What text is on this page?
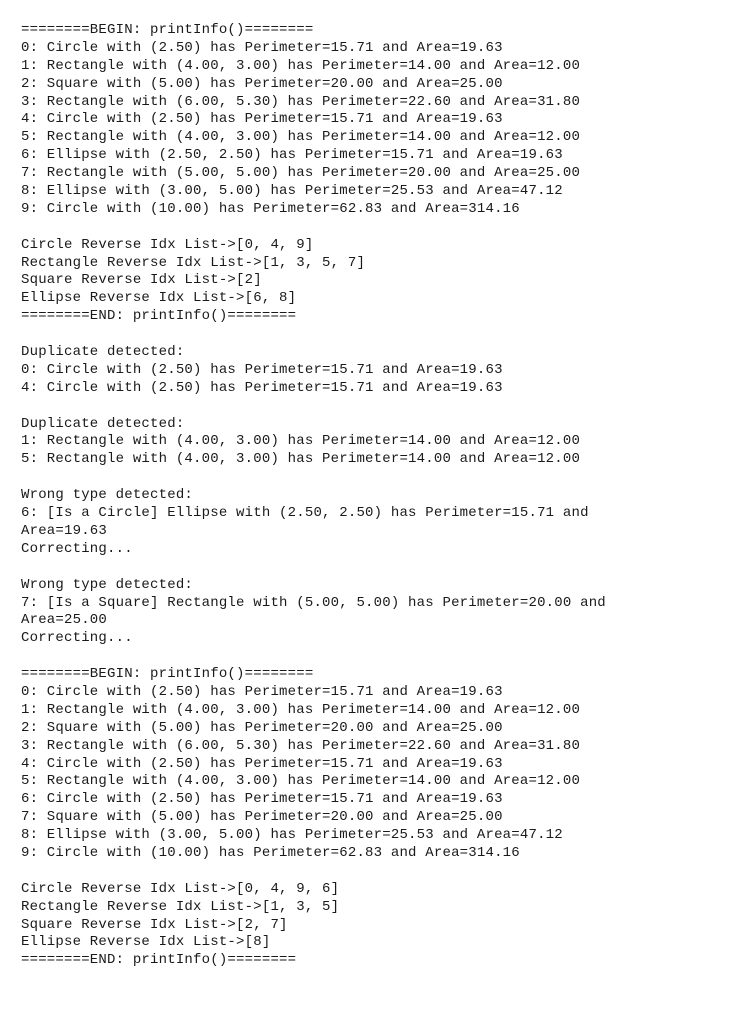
========BEGIN: printInfo()========
0: Circle with (2.50) has Perimeter=15.71 and Area=19.63
1: Rectangle with (4.00, 3.00) has Perimeter=14.00 and Area=12.00
2: Square with (5.00) has Perimeter=20.00 and Area=25.00
3: Rectangle with (6.00, 5.30) has Perimeter=22.60 and Area=31.80
4: Circle with (2.50) has Perimeter=15.71 and Area=19.63
5: Rectangle with (4.00, 3.00) has Perimeter=14.00 and Area=12.00
6: Ellipse with (2.50, 2.50) has Perimeter=15.71 and Area=19.63
7: Rectangle with (5.00, 5.00) has Perimeter=20.00 and Area=25.00
8: Ellipse with (3.00, 5.00) has Perimeter=25.53 and Area=47.12
9: Circle with (10.00) has Perimeter=62.83 and Area=314.16
Circle Reverse Idx List->[0, 4, 9]
Rectangle Reverse Idx List->[1, 3, 5, 7]
Square Reverse Idx List->[2]
Ellipse Reverse Idx List->[6, 8]
========END: printInfo()========
Duplicate detected:
0: Circle with (2.50) has Perimeter=15.71 and Area=19.63
4: Circle with (2.50) has Perimeter=15.71 and Area=19.63
Duplicate detected:
1: Rectangle with (4.00, 3.00) has Perimeter=14.00 and Area=12.00
5: Rectangle with (4.00, 3.00) has Perimeter=14.00 and Area=12.00
Wrong type detected:
6: [Is a Circle] Ellipse with (2.50, 2.50) has Perimeter=15.71 and
Area=19.63
Correcting...
Wrong type detected:
7: [Is a Square] Rectangle with (5.00, 5.00) has Perimeter=20.00 and
Area=25.00
Correcting...
========BEGIN: printInfo()========
0: Circle with (2.50) has Perimeter=15.71 and Area=19.63
1: Rectangle with (4.00, 3.00) has Perimeter=14.00 and Area=12.00
2: Square with (5.00) has Perimeter=20.00 and Area=25.00
3: Rectangle with (6.00, 5.30) has Perimeter=22.60 and Area=31.80
4: Circle with (2.50) has Perimeter=15.71 and Area=19.63
5: Rectangle with (4.00, 3.00) has Perimeter=14.00 and Area=12.00
6: Circle with (2.50) has Perimeter=15.71 and Area=19.63
7: Square with (5.00) has Perimeter=20.00 and Area=25.00
8: Ellipse with (3.00, 5.00) has Perimeter=25.53 and Area=47.12
9: Circle with (10.00) has Perimeter=62.83 and Area=314.16
Circle Reverse Idx List->[0, 4, 9, 6]
Rectangle Reverse Idx List->[1, 3, 5]
Square Reverse Idx List->[2, 7]
Ellipse Reverse Idx List->[8]
========END: printInfo()========
